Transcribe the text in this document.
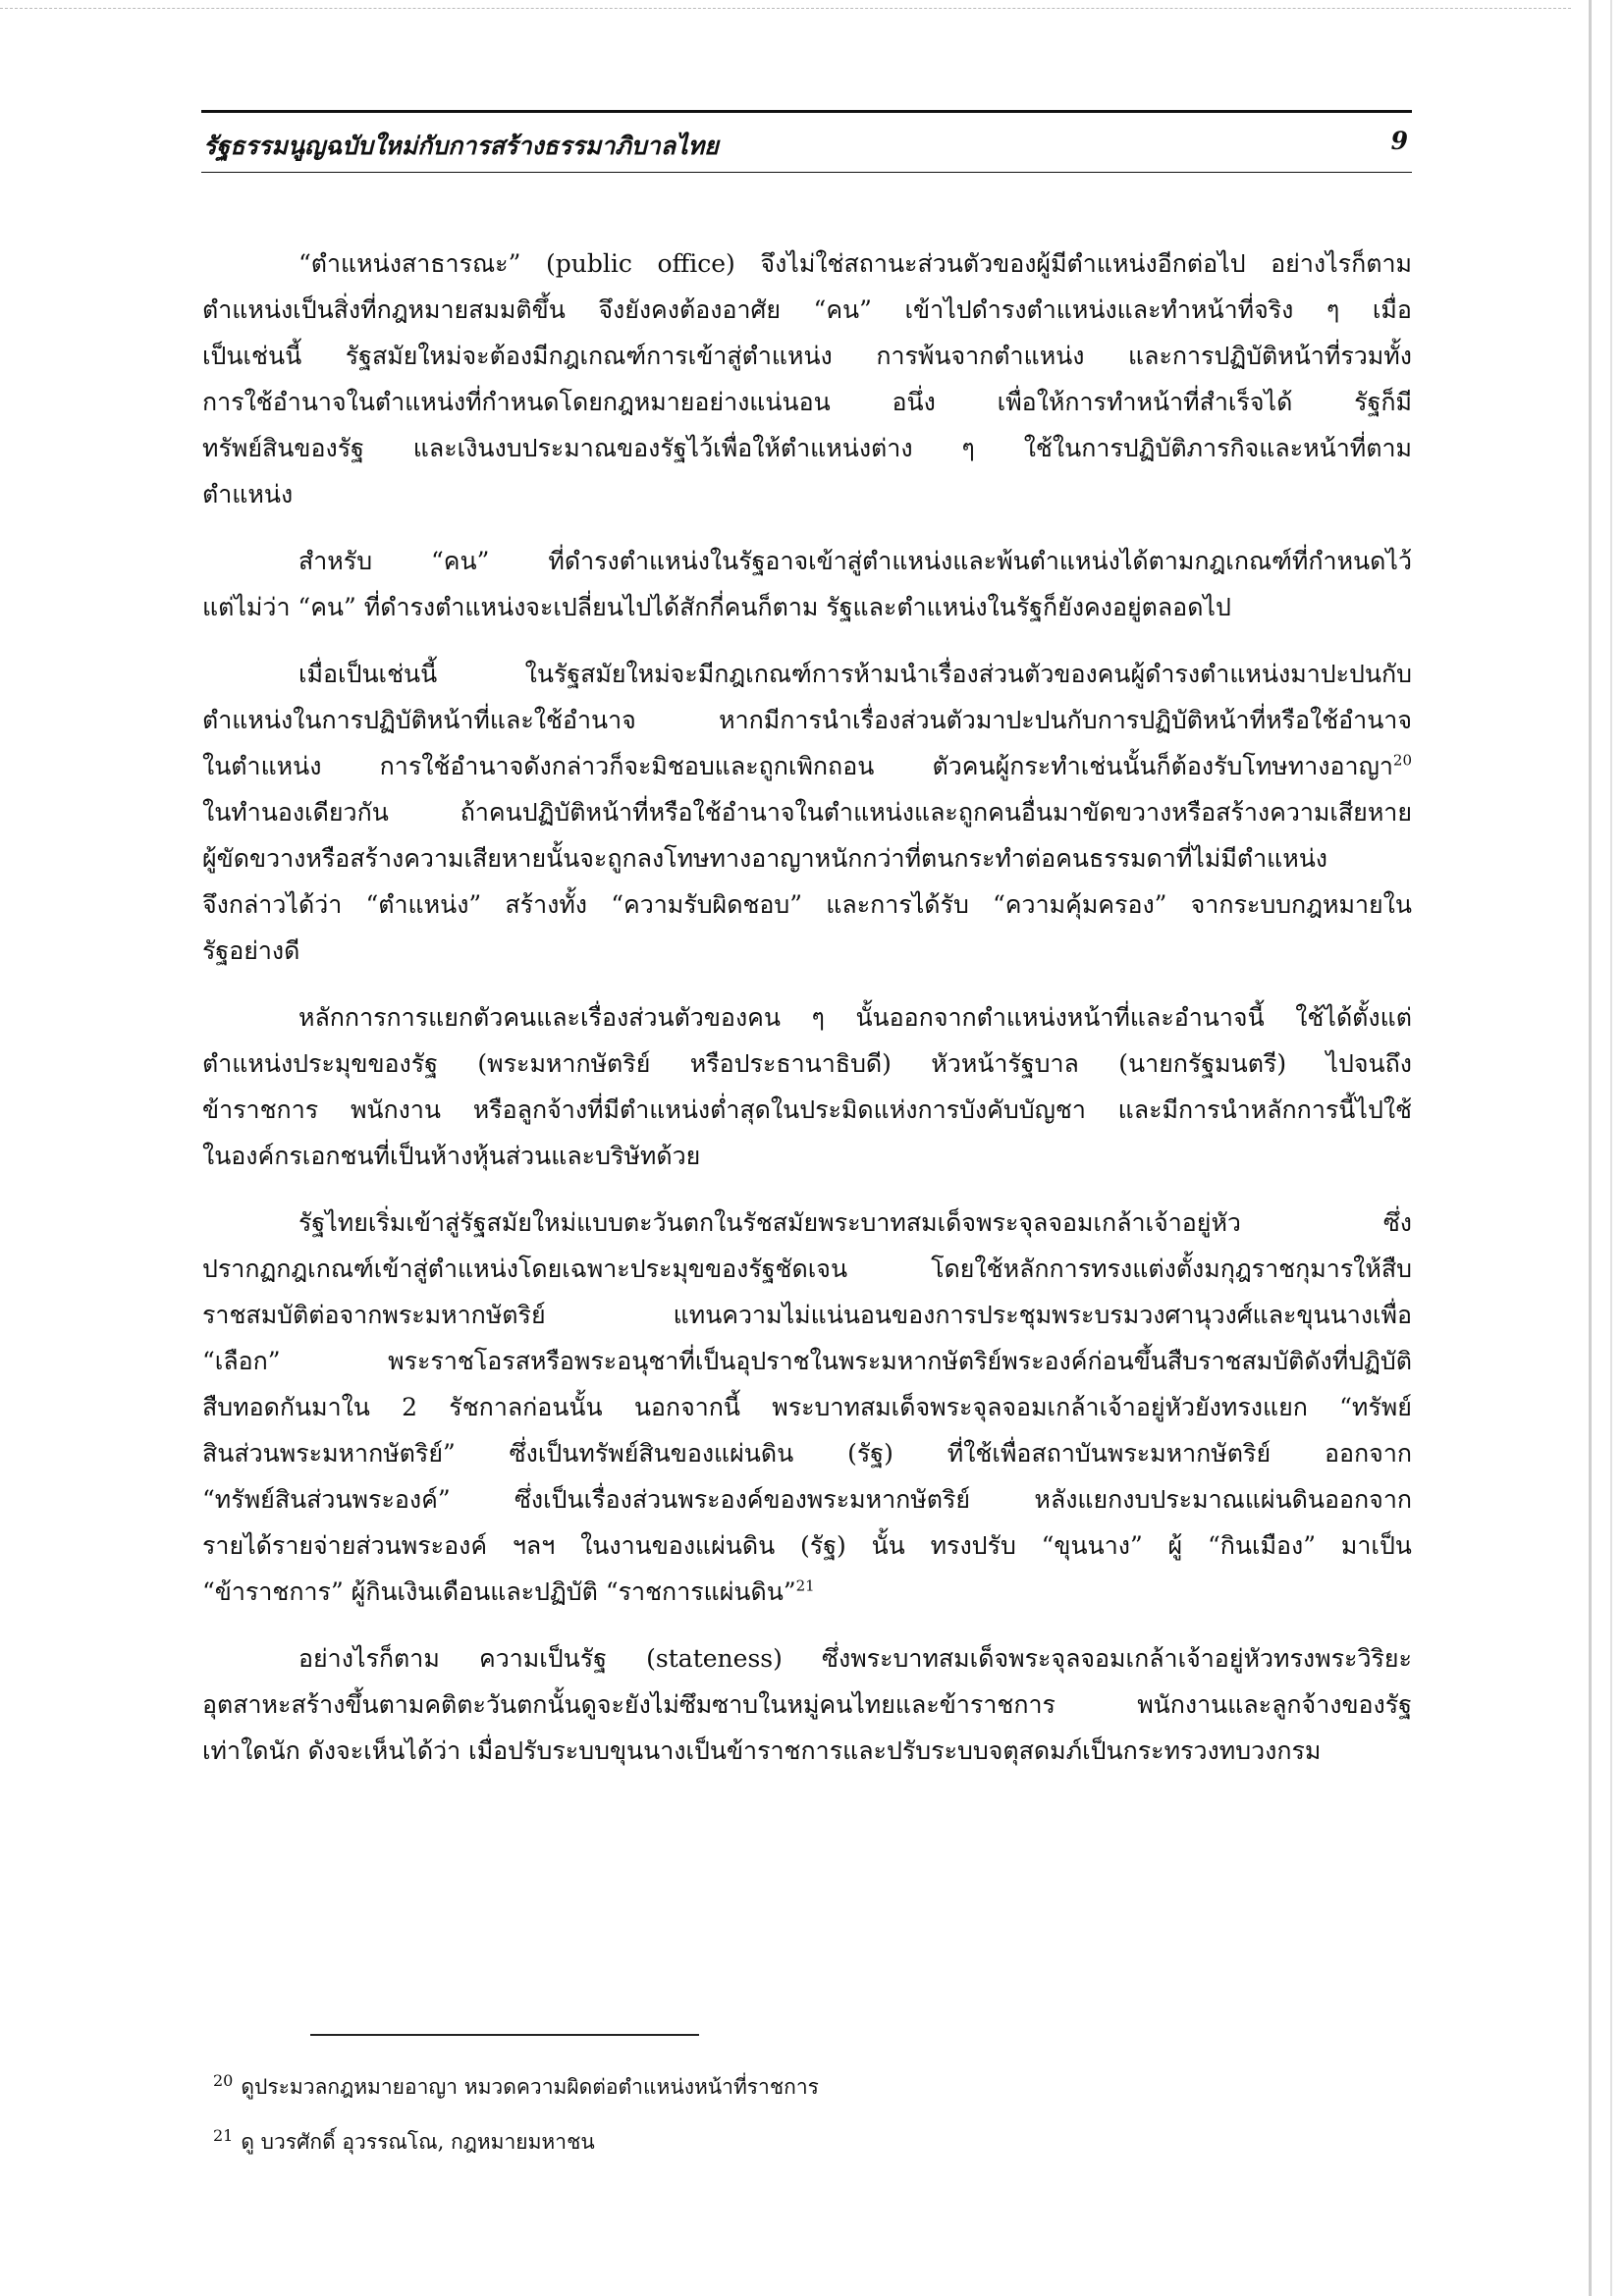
รัฐธรรมนูญฉบับใหม่กับการสร้างธรรมาภิบาลไทย	9
“ตำแหน่งสาธารณะ” (public office) จึงไม่ใช่สถานะส่วนตัวของผู้มีตำแหน่งอีกต่อไป อย่างไรก็ตาม
ตำแหน่งเป็นสิ่งที่กฎหมายสมมติขึ้น จึงยังคงต้องอาศัย “คน” เข้าไปดำรงตำแหน่งและทำหน้าที่จริง ๆ เมื่อ
เป็นเช่นนี้ รัฐสมัยใหม่จะต้องมีกฎเกณฑ์การเข้าสู่ตำแหน่ง การพ้นจากตำแหน่ง และการปฏิบัติหน้าที่รวมทั้ง
การใช้อำนาจในตำแหน่งที่กำหนดโดยกฎหมายอย่างแน่นอน	อนึ่ง	เพื่อให้การทำหน้าที่สำเร็จได้	รัฐก็มี
ทรัพย์สินของรัฐ และเงินงบประมาณของรัฐไว้เพื่อให้ตำแหน่งต่าง ๆ ใช้ในการปฏิบัติภารกิจและหน้าที่ตาม
ตำแหน่ง
สำหรับ “คน” ที่ดำรงตำแหน่งในรัฐอาจเข้าสู่ตำแหน่งและพ้นตำแหน่งได้ตามกฎเกณฑ์ที่กำหนดไว้
แต่ไม่ว่า “คน” ที่ดำรงตำแหน่งจะเปลี่ยนไปได้สักกี่คนก็ตาม รัฐและตำแหน่งในรัฐก็ยังคงอยู่ตลอดไป
เมื่อเป็นเช่นนี้	ในรัฐสมัยใหม่จะมีกฎเกณฑ์การห้ามนำเรื่องส่วนตัวของคนผู้ดำรงตำแหน่งมาปะปนกับ
ตำแหน่งในการปฏิบัติหน้าที่และใช้อำนาจ	หากมีการนำเรื่องส่วนตัวมาปะปนกับการปฏิบัติหน้าที่หรือใช้อำนาจ
ในตำแหน่ง การใช้อำนาจดังกล่าวก็จะมิชอบและถูกเพิกถอน ตัวคนผู้กระทำเช่นนั้นก็ต้องรับโทษทางอาญา$^{20}$
ในทำนองเดียวกัน	ถ้าคนปฏิบัติหน้าที่หรือใช้อำนาจในตำแหน่งและถูกคนอื่นมาขัดขวางหรือสร้างความเสียหาย
ผู้ขัดขวางหรือสร้างความเสียหายนั้นจะถูกลงโทษทางอาญาหนักกว่าที่ตนกระทำต่อคนธรรมดาที่ไม่มีตำแหน่ง
จึงกล่าวได้ว่า “ตำแหน่ง” สร้างทั้ง “ความรับผิดชอบ” และการได้รับ “ความคุ้มครอง” จากระบบกฎหมายใน
รัฐอย่างดี
หลักการการแยกตัวคนและเรื่องส่วนตัวของคน ๆ นั้นออกจากตำแหน่งหน้าที่และอำนาจนี้ ใช้ได้ตั้งแต่
ตำแหน่งประมุขของรัฐ (พระมหากษัตริย์ หรือประธานาธิบดี) หัวหน้ารัฐบาล (นายกรัฐมนตรี) ไปจนถึง
ข้าราชการ พนักงาน หรือลูกจ้างที่มีตำแหน่งต่ำสุดในประมิดแห่งการบังคับบัญชา และมีการนำหลักการนี้ไปใช้
ในองค์กรเอกชนที่เป็นห้างหุ้นส่วนและบริษัทด้วย
รัฐไทยเริ่มเข้าสู่รัฐสมัยใหม่แบบตะวันตกในรัชสมัยพระบาทสมเด็จพระจุลจอมเกล้าเจ้าอยู่หัว	ซึ่ง
ปรากฏกฎเกณฑ์เข้าสู่ตำแหน่งโดยเฉพาะประมุขของรัฐชัดเจน	โดยใช้หลักการทรงแต่งตั้งมกุฎราชกุมารให้สืบ
ราชสมบัติต่อจากพระมหากษัตริย์	แทนความไม่แน่นอนของการประชุมพระบรมวงศานุวงศ์และขุนนางเพื่อ
“เลือก”	พระราชโอรสหรือพระอนุชาที่เป็นอุปราชในพระมหากษัตริย์พระองค์ก่อนขึ้นสืบราชสมบัติดังที่ปฏิบัติ
สืบทอดกันมาใน 2 รัชกาลก่อนนั้น นอกจากนี้ พระบาทสมเด็จพระจุลจอมเกล้าเจ้าอยู่หัวยังทรงแยก “ทรัพย์
สินส่วนพระมหากษัตริย์” ซึ่งเป็นทรัพย์สินของแผ่นดิน (รัฐ) ที่ใช้เพื่อสถาบันพระมหากษัตริย์ ออกจาก
“ทรัพย์สินส่วนพระองค์”	ซึ่งเป็นเรื่องส่วนพระองค์ของพระมหากษัตริย์	หลังแยกงบประมาณแผ่นดินออกจาก
รายได้รายจ่ายส่วนพระองค์ ฯลฯ ในงานของแผ่นดิน (รัฐ) นั้น ทรงปรับ “ขุนนาง” ผู้ “กินเมือง” มาเป็น
“ข้าราชการ” ผู้กินเงินเดือนและปฏิบัติ “ราชการแผ่นดิน”$^{21}$
อย่างไรก็ตาม ความเป็นรัฐ (stateness) ซึ่งพระบาทสมเด็จพระจุลจอมเกล้าเจ้าอยู่หัวทรงพระวิริยะ
อุตสาหะสร้างขึ้นตามคติตะวันตกนั้นดูจะยังไม่ซึมซาบในหมู่คนไทยและข้าราชการ	พนักงานและลูกจ้างของรัฐ
เท่าใดนัก ดังจะเห็นได้ว่า เมื่อปรับระบบขุนนางเป็นข้าราชการและปรับระบบจตุสดมภ์เป็นกระทรวงทบวงกรม
$^{20}$ ดูประมวลกฎหมายอาญา หมวดความผิดต่อตำแหน่งหน้าที่ราชการ
$^{21}$ ดู บวรศักดิ์ อุวรรณโณ, กฎหมายมหาชน
